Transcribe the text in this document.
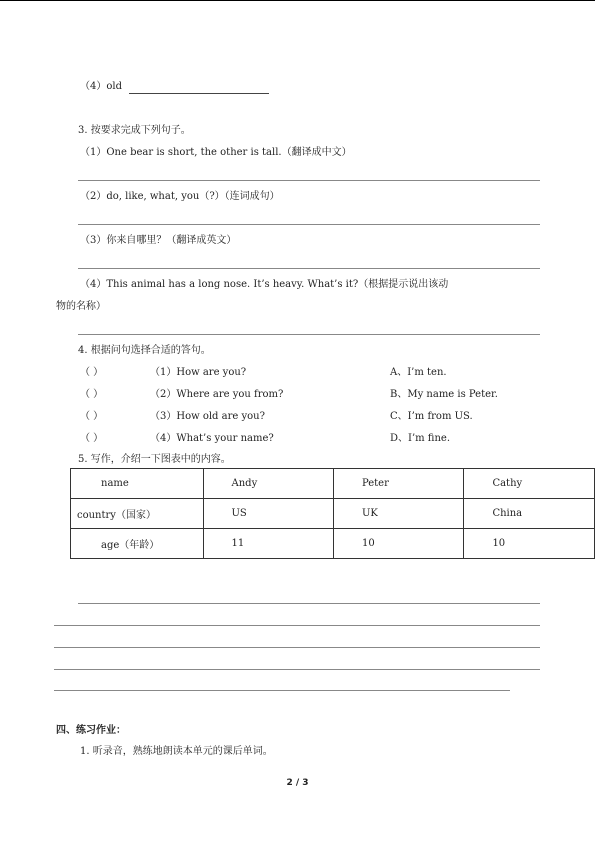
（4）old
3. 按要求完成下列句子。
（1）One bear is short, the other is tall.（翻译成中文）
（2）do, like, what, you（?）（连词成句）
（3）你来自哪里？（翻译成英文）
（4）This animal has a long nose. It’s heavy. What’s it?（根据提示说出该动
物的名称）
4. 根据问句选择合适的答句。
（ ）	（1）How are you?	A、I’m ten.
（ ）	（2）Where are you from?	B、My name is Peter.
（ ）	（3）How old are you?	C、I’m from US.
（ ）	（4）What’s your name?	D、I’m fine.
5. 写作，介绍一下图表中的内容。
name	Andy	Peter	Cathy
country（国家）	US	UK	China
age（年龄）	11	10	10
四、练习作业：
1. 听录音，熟练地朗读本单元的课后单词。
2 / 3
